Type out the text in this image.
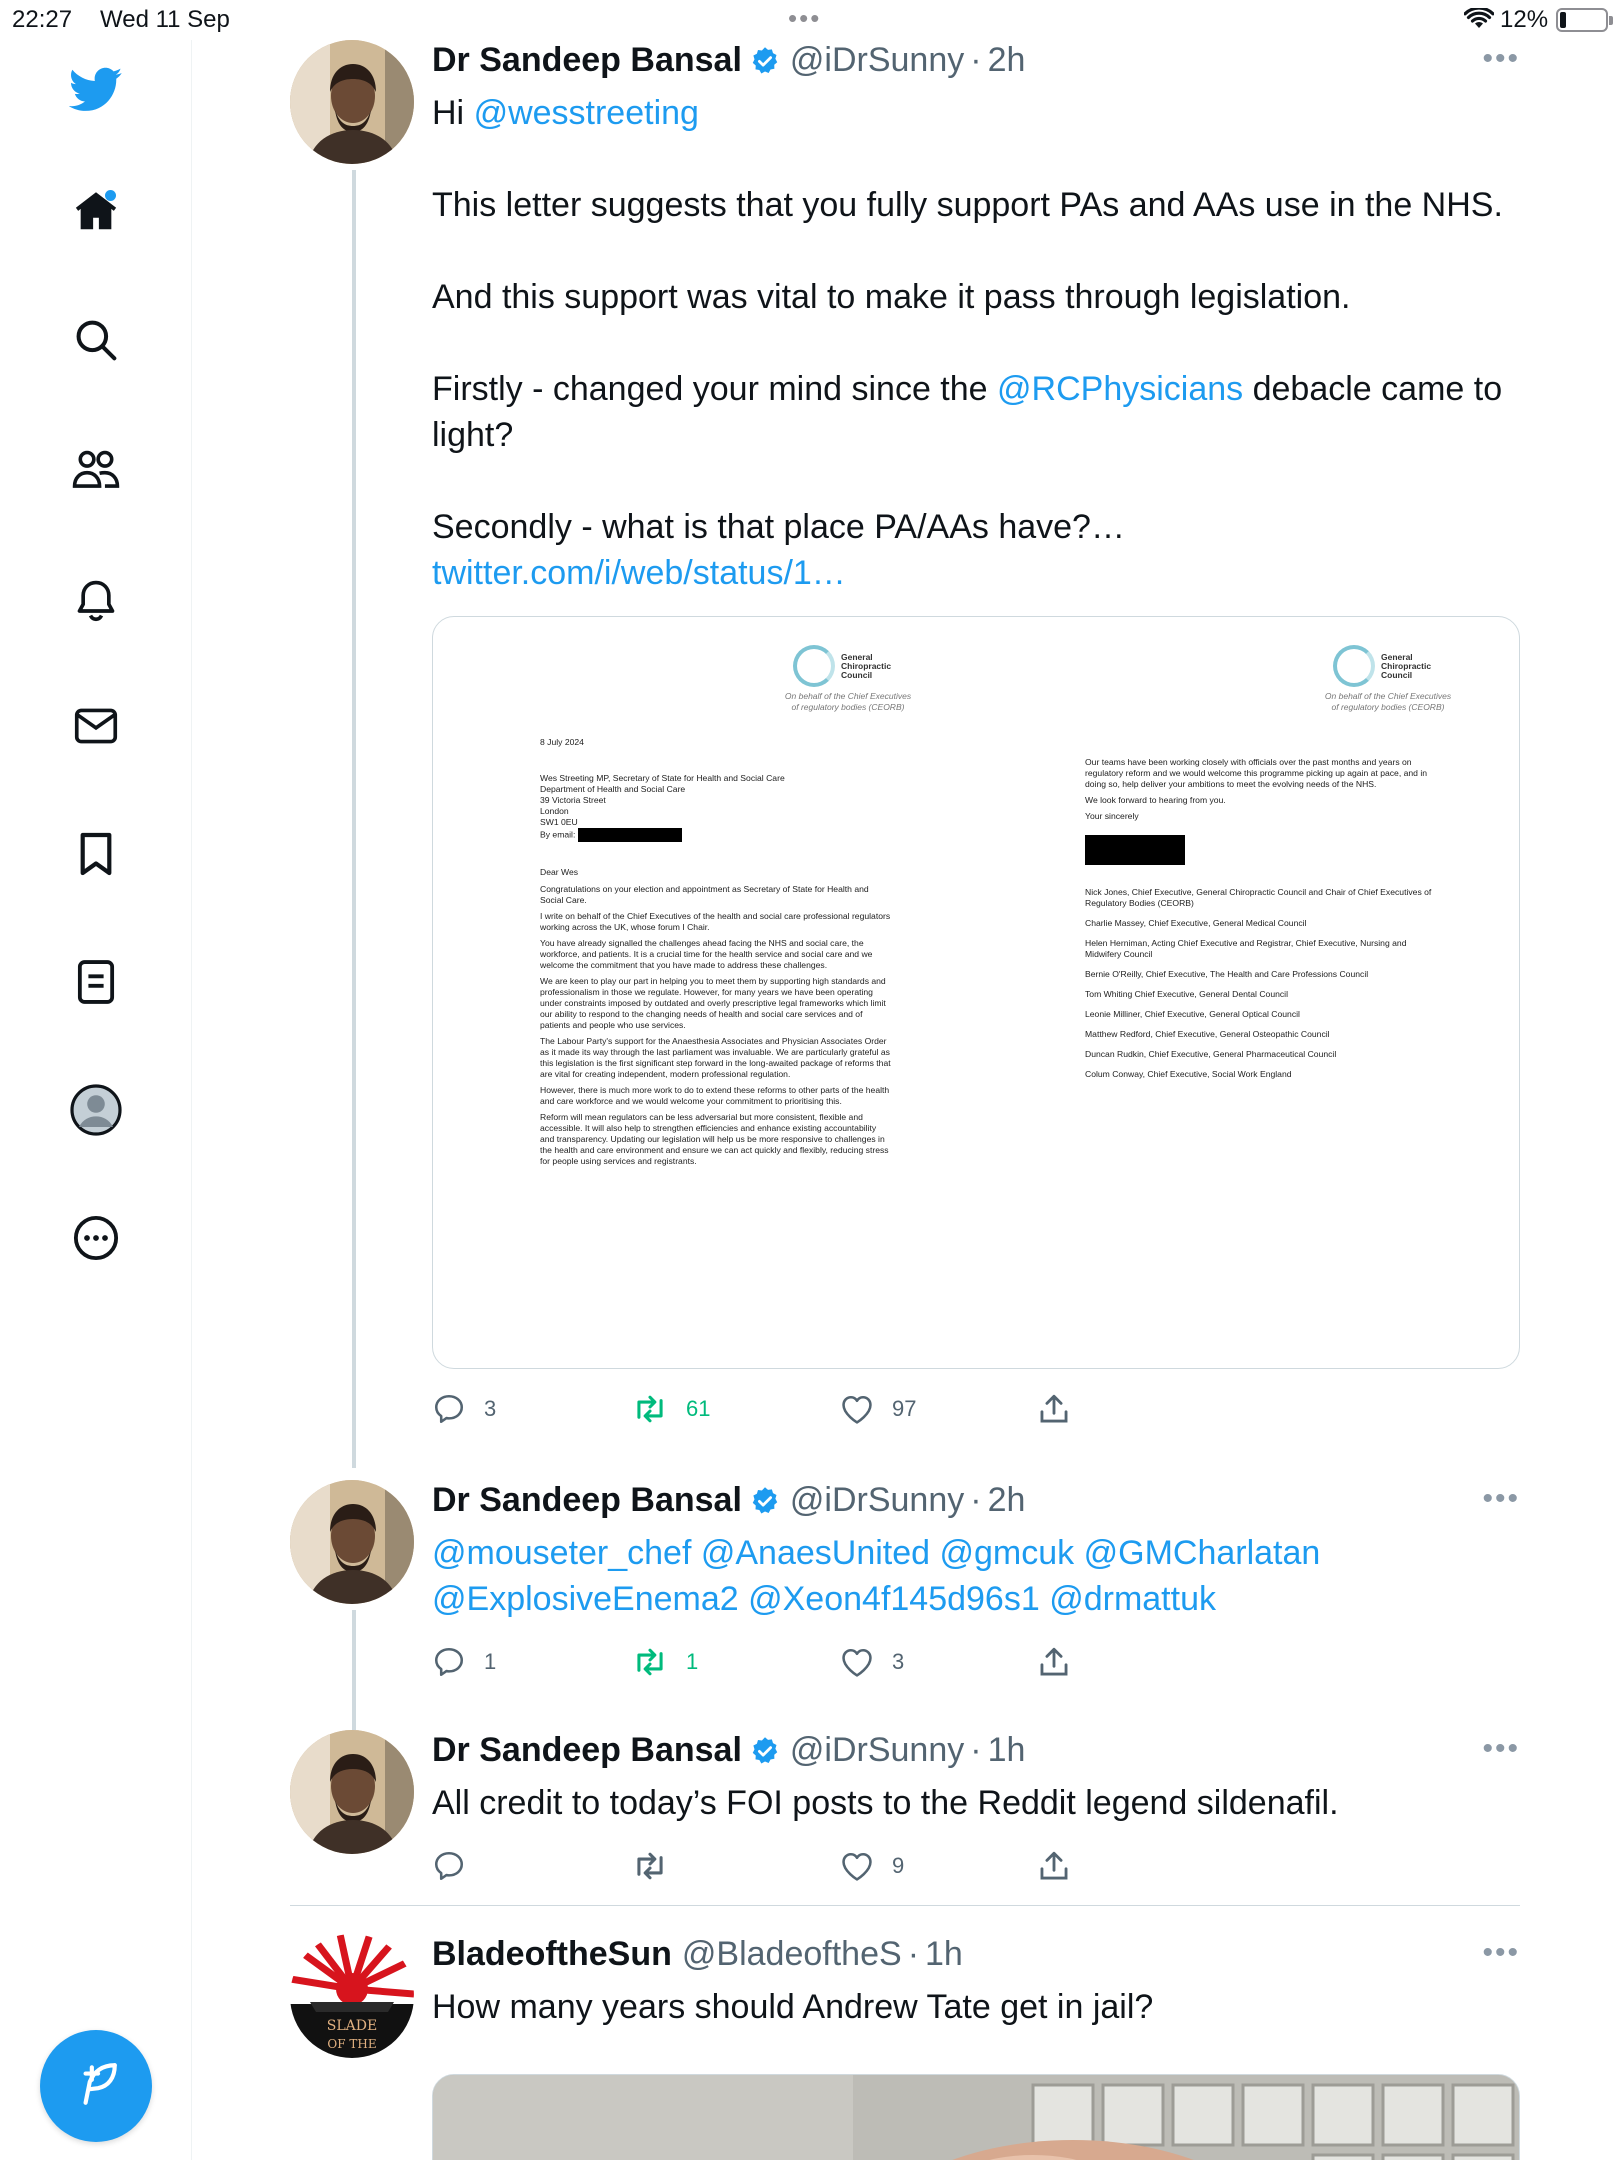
22:27 Wed 11 Sep	•••	12%
Dr Sandeep Bansal @iDrSunny · 2h	•••

Hi @wesstreeting

This letter suggests that you fully support PAs and AAs use in the NHS.

And this support was vital to make it pass through legislation.

Firstly - changed your mind since the @RCPhysicians debacle came to light?

Secondly - what is that place PA/AAs have?… twitter.com/i/web/status/1…

General
Chiropractic
Council
On behalf of the Chief Executives
of regulatory bodies (CEORB)
8 July 2024
Wes Streeting MP, Secretary of State for Health and Social Care
Department of Health and Social Care
39 Victoria Street
London
SW1 0EU
By email:
Dear Wes
Congratulations on your election and appointment as Secretary of State for Health and
Social Care.
I write on behalf of the Chief Executives of the health and social care professional regulators
working across the UK, whose forum I Chair.
You have already signalled the challenges ahead facing the NHS and social care, the
workforce, and patients. It is a crucial time for the health service and social care and we
welcome the commitment that you have made to address these challenges.
We are keen to play our part in helping you to meet them by supporting high standards and
professionalism in those we regulate. However, for many years we have been operating
under constraints imposed by outdated and overly prescriptive legal frameworks which limit
our ability to respond to the changing needs of health and social care services and of
patients and people who use services.
The Labour Party's support for the Anaesthesia Associates and Physician Associates Order
as it made its way through the last parliament was invaluable. We are particularly grateful as
this legislation is the first significant step forward in the long-awaited package of reforms that
are vital for creating independent, modern professional regulation.
However, there is much more work to do to extend these reforms to other parts of the health
and care workforce and we would welcome your commitment to prioritising this.
Reform will mean regulators can be less adversarial but more consistent, flexible and
accessible. It will also help to strengthen efficiencies and enhance existing accountability
and transparency. Updating our legislation will help us be more responsive to challenges in
the health and care environment and ensure we can act quickly and flexibly, reducing stress
for people using services and registrants.
General
Chiropractic
Council
On behalf of the Chief Executives
of regulatory bodies (CEORB)
Our teams have been working closely with officials over the past months and years on
regulatory reform and we would welcome this programme picking up again at pace, and in
doing so, help deliver your ambitions to meet the evolving needs of the NHS.
We look forward to hearing from you.
Your sincerely
Nick Jones, Chief Executive, General Chiropractic Council and Chair of Chief Executives of
Regulatory Bodies (CEORB)
Charlie Massey, Chief Executive, General Medical Council
Helen Herniman, Acting Chief Executive and Registrar, Chief Executive, Nursing and
Midwifery Council
Bernie O'Reilly, Chief Executive, The Health and Care Professions Council
Tom Whiting Chief Executive, General Dental Council
Leonie Milliner, Chief Executive, General Optical Council
Matthew Redford, Chief Executive, General Osteopathic Council
Duncan Rudkin, Chief Executive, General Pharmaceutical Council
Colum Conway, Chief Executive, Social Work England
3	61	97
Dr Sandeep Bansal @iDrSunny · 2h	•••
@mouseter_chef @AnaesUnited @gmcuk @GMCharlatan @ExplosiveEnema2 @Xeon4f145d96s1 @drmattuk
1	1	3
Dr Sandeep Bansal @iDrSunny · 1h	•••
All credit to today’s FOI posts to the Reddit legend sildenafil.
9
SLADE
OF THE
BladeoftheSun @BladeoftheS · 1h	•••
How many years should Andrew Tate get in jail?
